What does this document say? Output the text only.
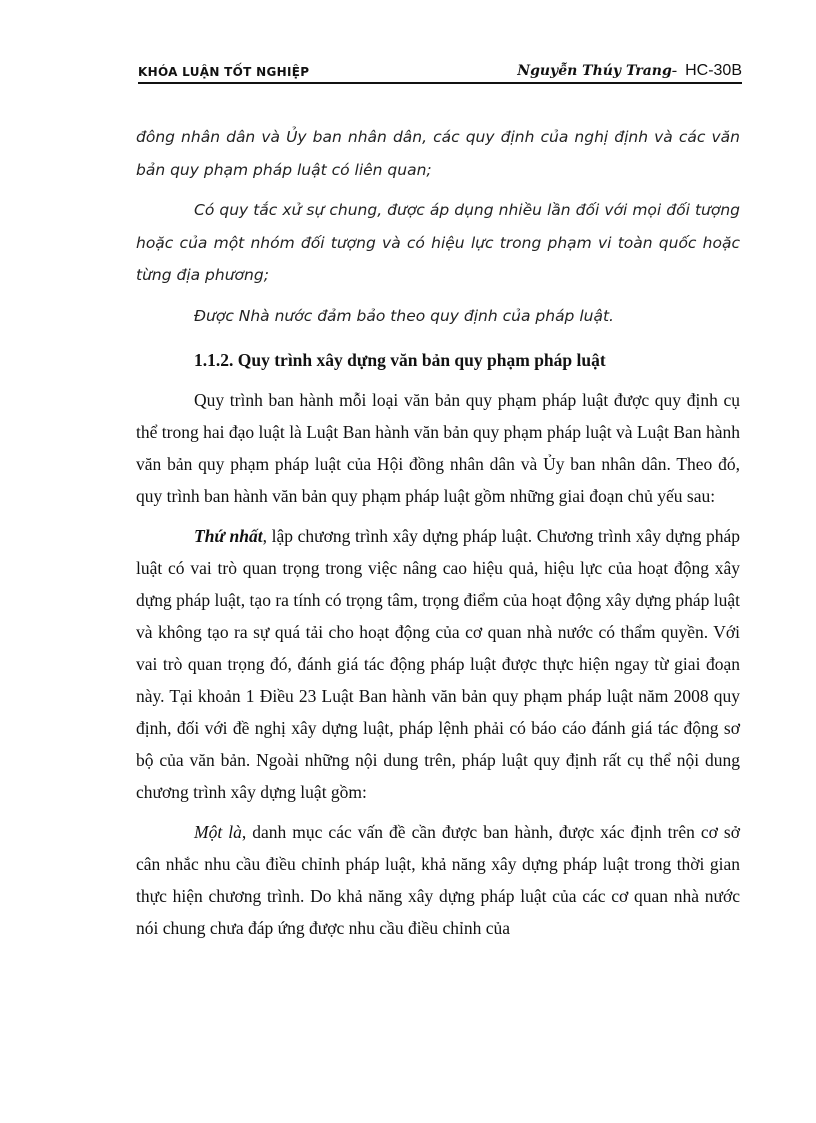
KHÓA LUẬN TỐT NGHIỆP	Nguyễn Thúy Trang- HC-30B

đông nhân dân và Ủy ban nhân dân, các quy định của nghị định và các văn bản quy phạm pháp luật có liên quan;

Có quy tắc xử sự chung, được áp dụng nhiều lần đối với mọi đối tượng hoặc của một nhóm đối tượng và có hiệu lực trong phạm vi toàn quốc hoặc từng địa phương;

Được Nhà nước đảm bảo theo quy định của pháp luật.

1.1.2. Quy trình xây dựng văn bản quy phạm pháp luật

Quy trình ban hành mỗi loại văn bản quy phạm pháp luật được quy định cụ thể trong hai đạo luật là Luật Ban hành văn bản quy phạm pháp luật và Luật Ban hành văn bản quy phạm pháp luật của Hội đồng nhân dân và Ủy ban nhân dân. Theo đó, quy trình ban hành văn bản quy phạm pháp luật gồm những giai đoạn chủ yếu sau:

Thứ nhất, lập chương trình xây dựng pháp luật. Chương trình xây dựng pháp luật có vai trò quan trọng trong việc nâng cao hiệu quả, hiệu lực của hoạt động xây dựng pháp luật, tạo ra tính có trọng tâm, trọng điểm của hoạt động xây dựng pháp luật và không tạo ra sự quá tải cho hoạt động của cơ quan nhà nước có thẩm quyền. Với vai trò quan trọng đó, đánh giá tác động pháp luật được thực hiện ngay từ giai đoạn này. Tại khoản 1 Điều 23 Luật Ban hành văn bản quy phạm pháp luật năm 2008 quy định, đối với đề nghị xây dựng luật, pháp lệnh phải có báo cáo đánh giá tác động sơ bộ của văn bản. Ngoài những nội dung trên, pháp luật quy định rất cụ thể nội dung chương trình xây dựng luật gồm:

Một là, danh mục các vấn đề cần được ban hành, được xác định trên cơ sở cân nhắc nhu cầu điều chỉnh pháp luật, khả năng xây dựng pháp luật trong thời gian thực hiện chương trình. Do khả năng xây dựng pháp luật của các cơ quan nhà nước nói chung chưa đáp ứng được nhu cầu điều chỉnh của
